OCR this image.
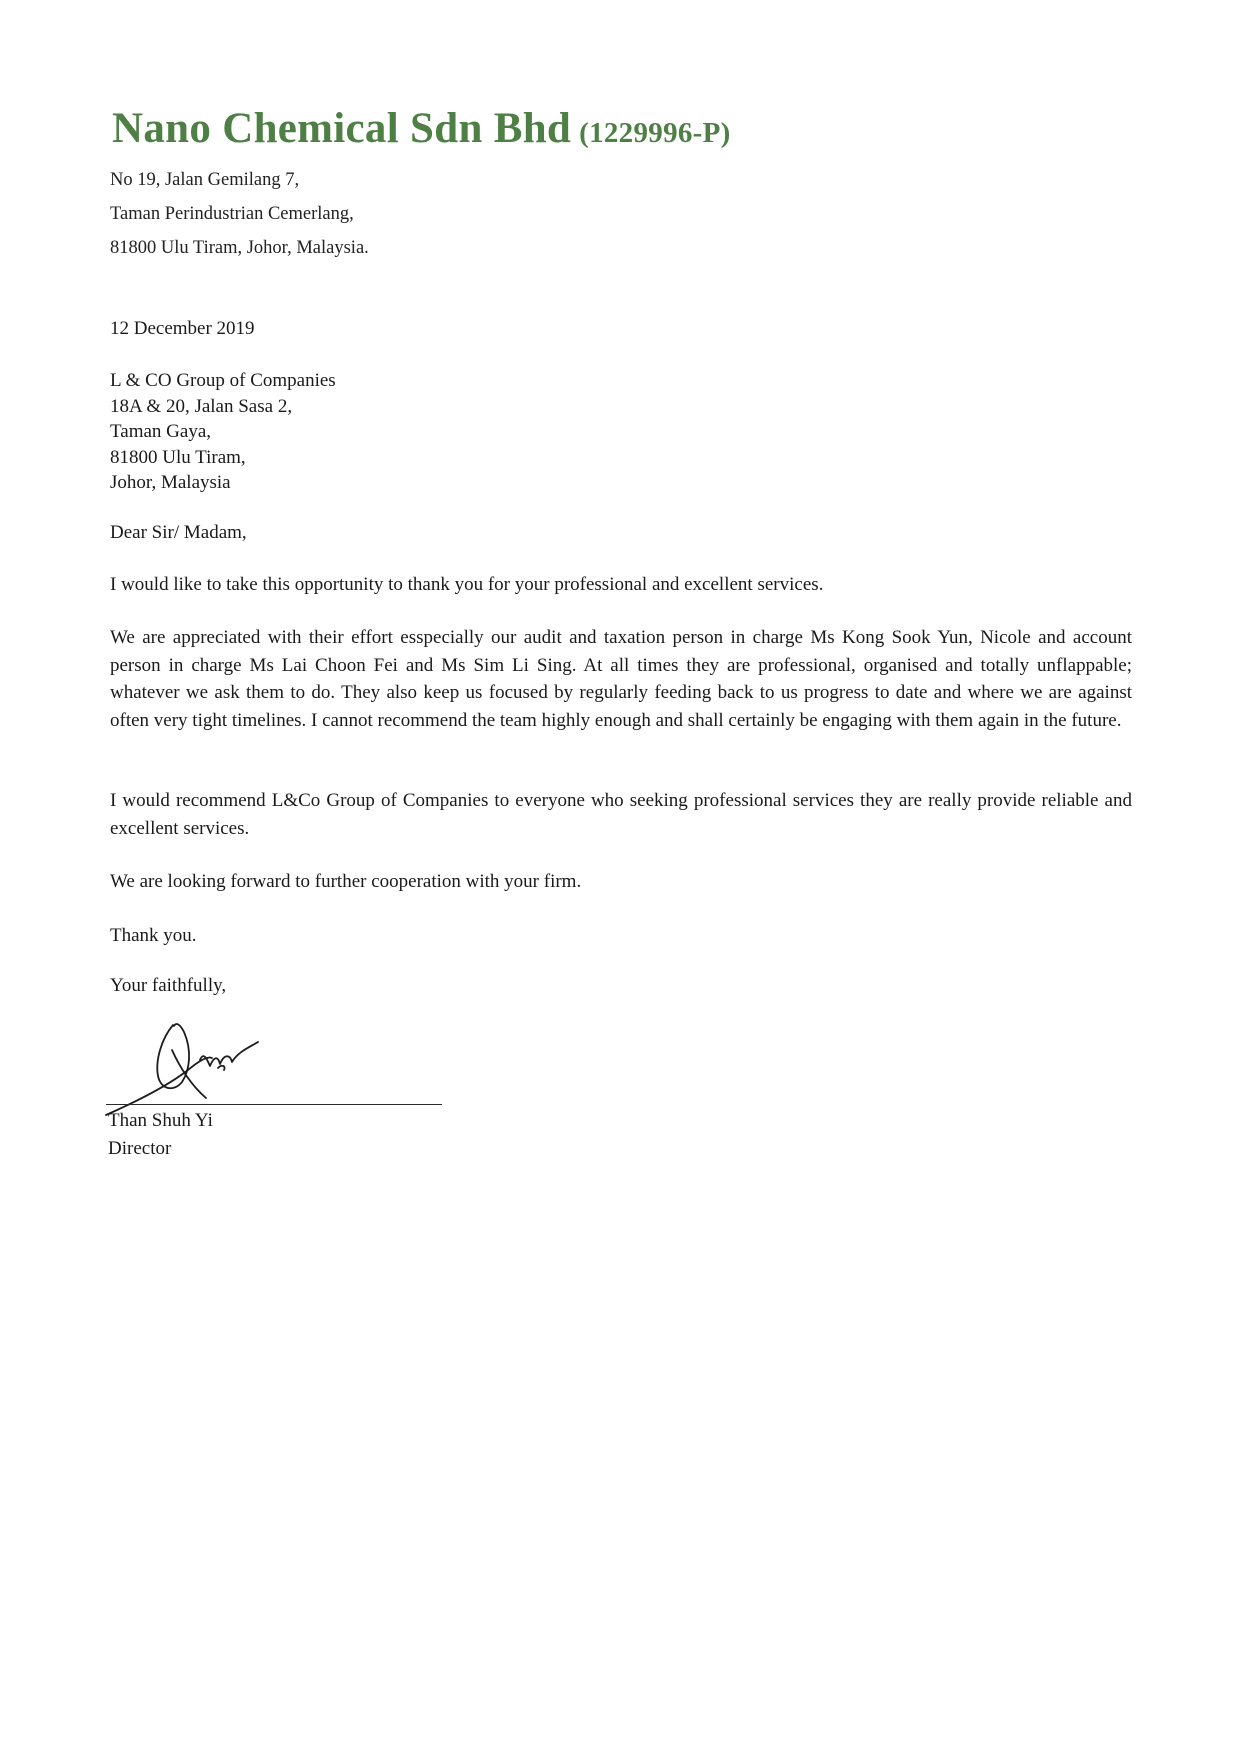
Nano Chemical Sdn Bhd (1229996-P)
No 19, Jalan Gemilang 7,
Taman Perindustrian Cemerlang,
81800 Ulu Tiram, Johor, Malaysia.
12 December 2019
L & CO Group of Companies
18A & 20, Jalan Sasa 2,
Taman Gaya,
81800 Ulu Tiram,
Johor, Malaysia
Dear Sir/ Madam,

I would like to take this opportunity to thank you for your professional and excellent services.

We are appreciated with their effort esspecially our audit and taxation person in charge Ms Kong Sook Yun, Nicole and account person in charge Ms Lai Choon Fei and Ms Sim Li Sing. At all times they are professional, organised and totally unflappable; whatever we ask them to do. They also keep us focused by regularly feeding back to us progress to date and where we are against often very tight timelines. I cannot recommend the team highly enough and shall certainly be engaging with them again in the future.

I would recommend L&Co Group of Companies to everyone who seeking professional services they are really provide reliable and excellent services.

We are looking forward to further cooperation with your firm.

Thank you.

Your faithfully,
Than Shuh Yi
Director
